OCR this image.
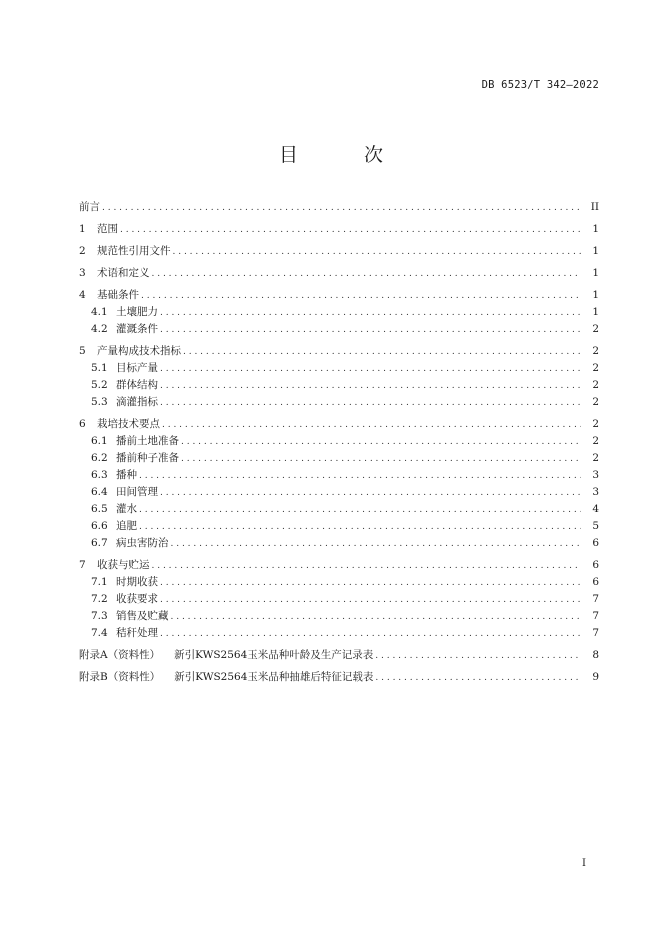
DB 6523/T 342—2022
目 次
前言 . . .	II
1	范围 . . .	1
2	规范性引用文件 . . .	1
3	术语和定义 . . .	1
4	基础条件 . . .	1
4.1 土壤肥力 . . .	1
4.2 灌溉条件 . . .	2
5	产量构成技术指标 . . .	2
5.1 目标产量 . . .	2
5.2 群体结构 . . .	2
5.3 滴灌指标 . . .	2
6	栽培技术要点 . . .	2
6.1 播前土地准备 . . .	2
6.2 播前种子准备 . . .	2
6.3 播种 . . .	3
6.4 田间管理 . . .	3
6.5 灌水 . . .	4
6.6 追肥 . . .	5
6.7 病虫害防治 . . .	6
7	收获与贮运 . . .	6
7.1 时期收获 . . .	6
7.2 收获要求 . . .	7
7.3 销售及贮藏 . . .	7
7.4 秸秆处理 . . .	7
附录A（资料性） 新引KWS2564玉米品种叶龄及生产记录表 . . .	8
附录B（资料性） 新引KWS2564玉米品种抽雄后特征记载表 . . .	9
I
